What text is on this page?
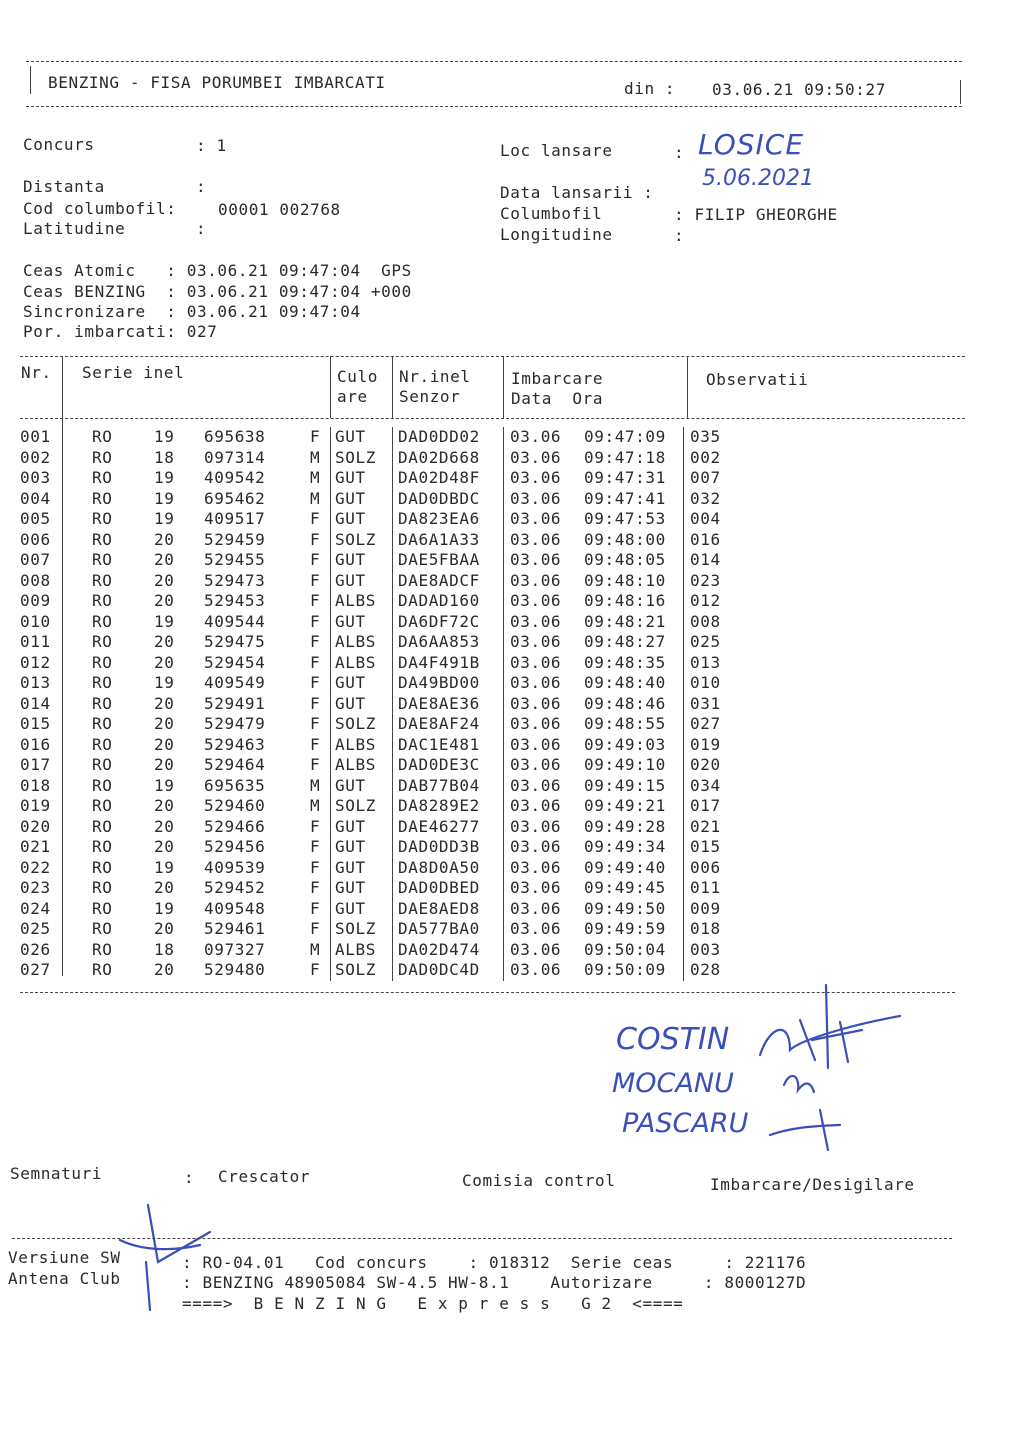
BENZING - FISA PORUMBEI IMBARCATI	din : 03.06.21 09:50:27
Concurs	: 1
Distanta	:
Cod columbofil:	00001 002768
Latitudine	:
Loc lansare	: LOSICE
Data lansarii :
5.06.2021
Columbofil	: FILIP GHEORGHE
Longitudine	:
Ceas Atomic   : 03.06.21 09:47:04  GPS
Ceas BENZING  : 03.06.21 09:47:04 +000
Sincronizare  : 03.06.21 09:47:04
Por. imbarcati: 027
Nr. Serie inel	Culo
are
Nr.inel
Senzor
Imbarcare
Data  Ora
Observatii
001	RO	19 695638	F GUT DAD0DD02 03.06 09:47:09 035
002	RO	18 097314	M SOLZ DA02D668 03.06 09:47:18 002
003	RO	19 409542	M GUT DA02D48F 03.06 09:47:31 007
004	RO	19 695462	M GUT DAD0DBDC 03.06 09:47:41 032
005	RO	19 409517	F GUT DA823EA6 03.06 09:47:53 004
006	RO	20 529459	F SOLZ DA6A1A33 03.06 09:48:00 016
007	RO	20 529455	F GUT DAE5FBAA 03.06 09:48:05 014
008	RO	20 529473	F GUT DAE8ADCF 03.06 09:48:10 023
009	RO	20 529453	F ALBS DADAD160 03.06 09:48:16 012
010	RO	19 409544	F GUT DA6DF72C 03.06 09:48:21 008
011	RO	20 529475	F ALBS DA6AA853 03.06 09:48:27 025
012	RO	20 529454	F ALBS DA4F491B 03.06 09:48:35 013
013	RO	19 409549	F GUT DA49BD00 03.06 09:48:40 010
014	RO	20 529491	F GUT DAE8AE36 03.06 09:48:46 031
015	RO	20 529479	F SOLZ DAE8AF24 03.06 09:48:55 027
016	RO	20 529463	F ALBS DAC1E481 03.06 09:49:03 019
017	RO	20 529464	F ALBS DAD0DE3C 03.06 09:49:10 020
018	RO	19 695635	M GUT DAB77B04 03.06 09:49:15 034
019	RO	20 529460	M SOLZ DA8289E2 03.06 09:49:21 017
020	RO	20 529466	F GUT DAE46277 03.06 09:49:28 021
021	RO	20 529456	F GUT DAD0DD3B 03.06 09:49:34 015
022	RO	19 409539	F GUT DA8D0A50 03.06 09:49:40 006
023	RO	20 529452	F GUT DAD0DBED 03.06 09:49:45 011
024	RO	19 409548	F GUT DAE8AED8 03.06 09:49:50 009
025	RO	20 529461	F SOLZ DA577BA0 03.06 09:49:59 018
026	RO	18 097327	M ALBS DA02D474 03.06 09:50:04 003
027	RO	20 529480	F SOLZ DAD0DC4D 03.06 09:50:09 028
COSTIN
MOCANU
PASCARU
Semnaturi	: Crescator	Comisia control	Imbarcare/Desigilare
Versiune SW	: RO-04.01   Cod concurs    : 018312  Serie ceas     : 221176
Antena Club	: BENZING 48905084 SW-4.5 HW-8.1    Autorizare     : 8000127D
====>  B E N Z I N G   E x p r e s s   G 2  <====
